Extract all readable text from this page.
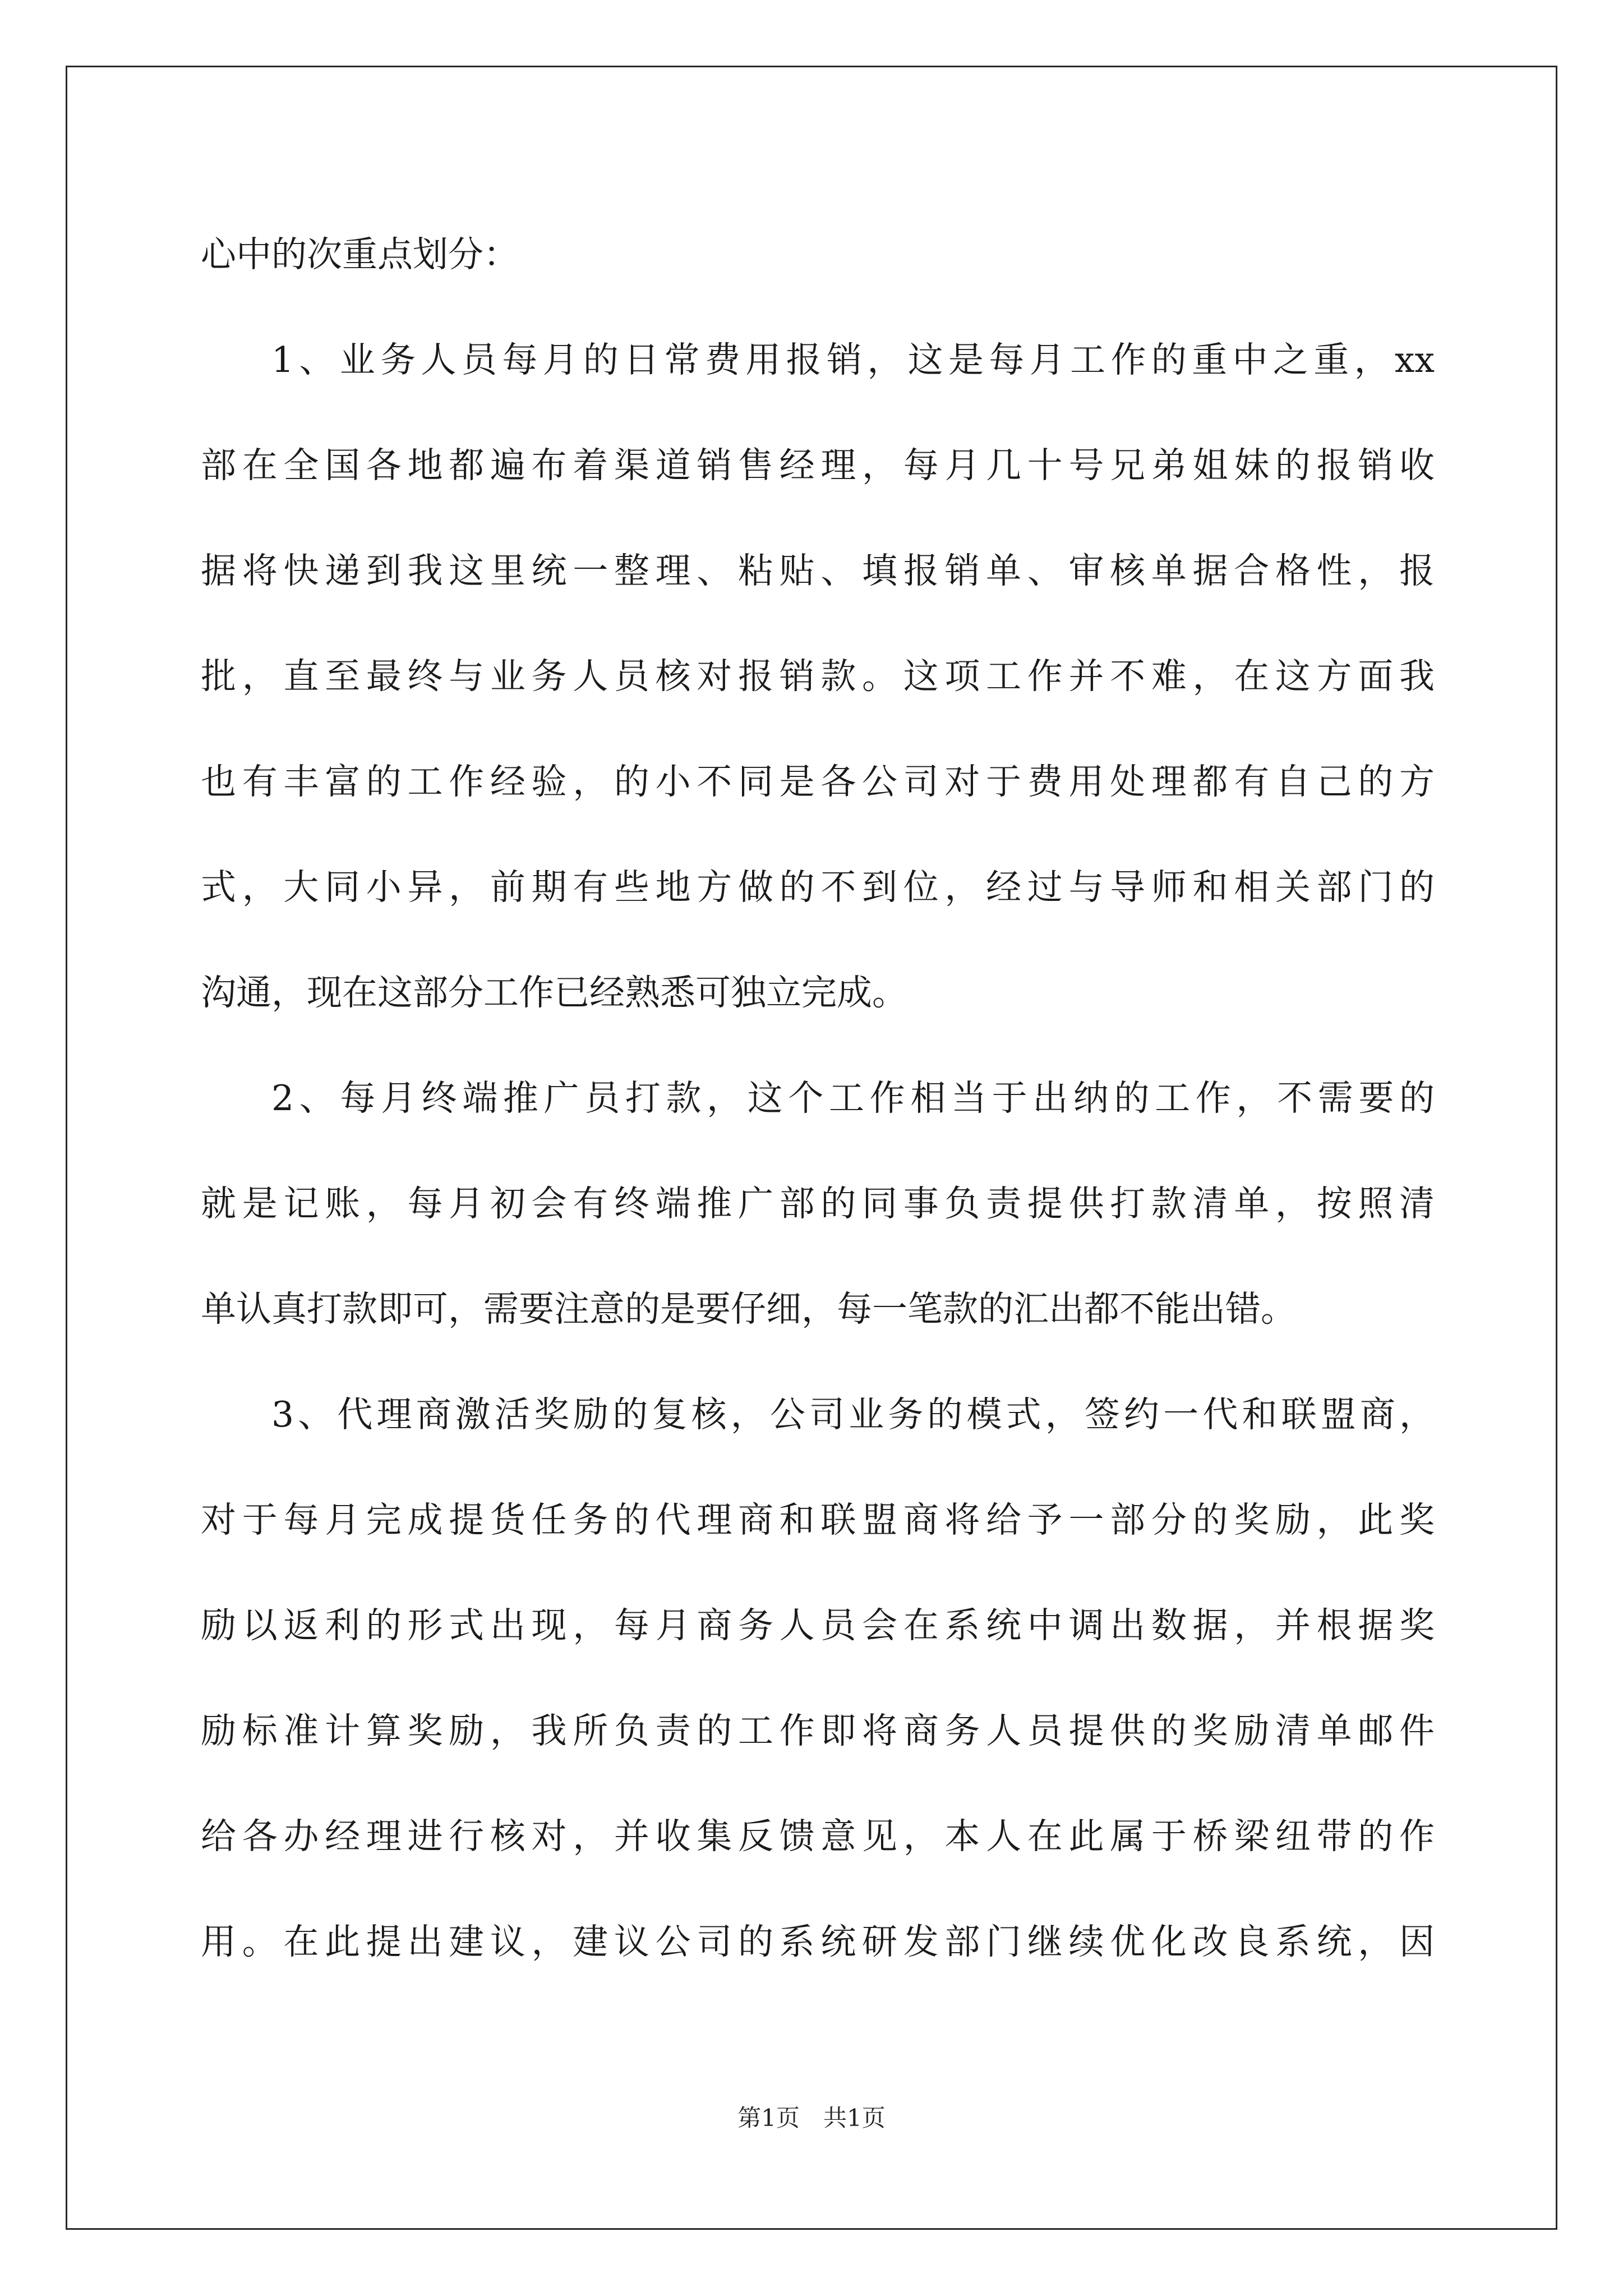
心中的次重点划分：
1、业务人员每月的日常费用报销，这是每月工作的重中之重，xx
部在全国各地都遍布着渠道销售经理，每月几十号兄弟姐妹的报销收
据将快递到我这里统一整理、粘贴、填报销单、审核单据合格性，报
批，直至最终与业务人员核对报销款。这项工作并不难，在这方面我
也有丰富的工作经验，的小不同是各公司对于费用处理都有自己的方
式，大同小异，前期有些地方做的不到位，经过与导师和相关部门的
沟通，现在这部分工作已经熟悉可独立完成。
2、每月终端推广员打款，这个工作相当于出纳的工作，不需要的
就是记账，每月初会有终端推广部的同事负责提供打款清单，按照清
单认真打款即可，需要注意的是要仔细，每一笔款的汇出都不能出错。
3、代理商激活奖励的复核，公司业务的模式，签约一代和联盟商，
对于每月完成提货任务的代理商和联盟商将给予一部分的奖励，此奖
励以返利的形式出现，每月商务人员会在系统中调出数据，并根据奖
励标准计算奖励，我所负责的工作即将商务人员提供的奖励清单邮件
给各办经理进行核对，并收集反馈意见，本人在此属于桥梁纽带的作
用。在此提出建议，建议公司的系统研发部门继续优化改良系统，因
第1页　共1页
